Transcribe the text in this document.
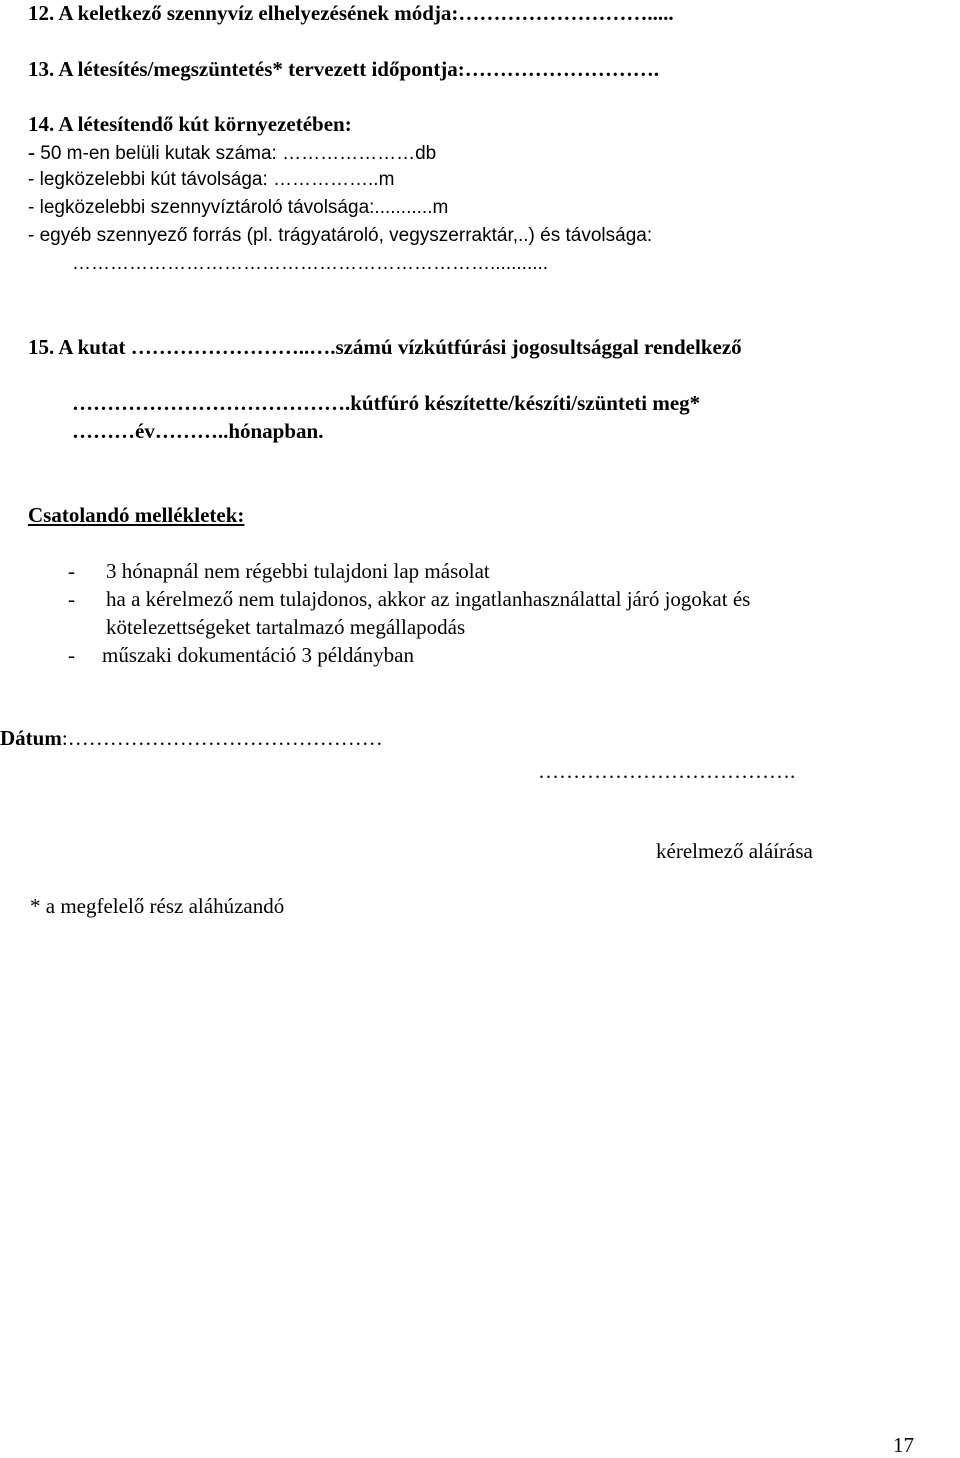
12. A keletkező szennyvíz elhelyezésének módja:……………………….....
13. A létesítés/megszüntetés* tervezett időpontja:……………………….
14. A létesítendő kút környezetében:
- 50 m-en belüli kutak száma: …………………db
- legközelebbi kút távolsága: ……………..m
- legközelebbi szennyvíztároló távolsága:...........m
- egyéb szennyező forrás (pl. trágyatároló, vegyszerraktár,..) és távolsága:
…………………………………………………………...........
15. A kutat ……………………..….számú vízkútfúrási jogosultsággal rendelkező
………………………………….kútfúró készítette/készíti/szünteti meg*
………év………..hónapban.
Csatolandó mellékletek:
- 3 hónapnál nem régebbi tulajdoni lap másolat
- ha a kérelmező nem tulajdonos, akkor az ingatlanhasználattal járó jogokat és
kötelezettségeket tartalmazó megállapodás
- műszaki dokumentáció 3 példányban
Dátum:………………………………………
……………………………….
kérelmező aláírása
* a megfelelő rész aláhúzandó
17
